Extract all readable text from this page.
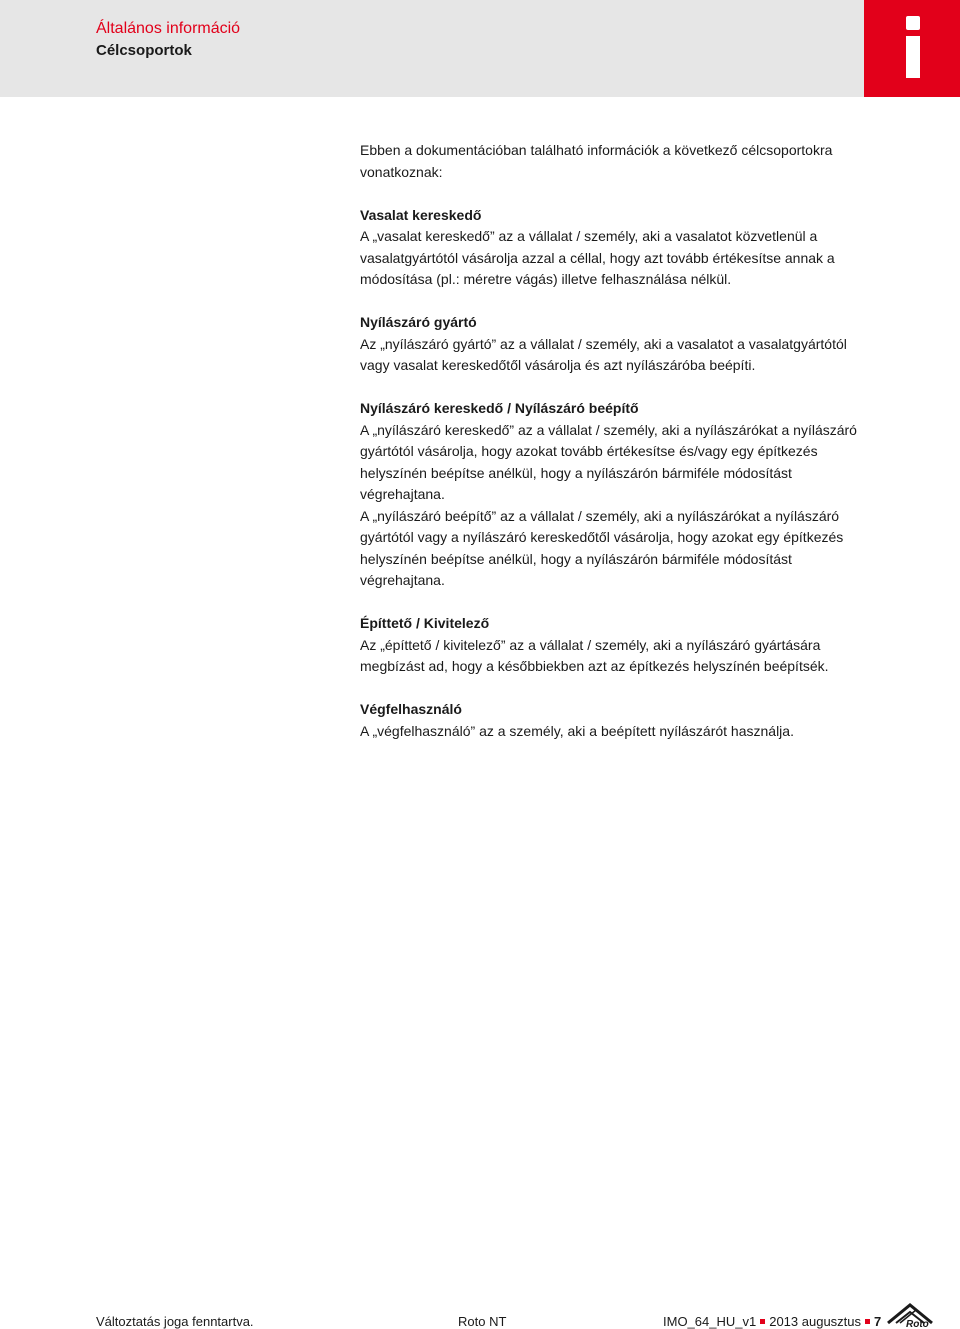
Általános információ
Célcsoportok

Ebben a dokumentációban található információk a következő célcsoportokra vonatkoznak:

Vasalat kereskedő

A „vasalat kereskedő” az a vállalat / személy, aki a vasalatot közvetlenül a vasalatgyártótól vásárolja azzal a céllal, hogy azt tovább értékesítse annak a módosítása (pl.: méretre vágás) illetve felhasználása nélkül.

Nyílászáró gyártó

Az „nyílászáró gyártó” az a vállalat / személy, aki a vasalatot a vasalatgyártótól vagy vasalat kereskedőtől vásárolja és azt nyílászáróba beépíti.

Nyílászáró kereskedő / Nyílászáró beépítő

A „nyílászáró kereskedő” az a vállalat / személy, aki a nyílászárókat a nyílászáró gyártótól vásárolja, hogy azokat tovább értékesítse és/vagy egy építkezés helyszínén beépítse anélkül, hogy a nyílászárón bármiféle módosítást végrehajtana.

A „nyílászáró beépítő” az a vállalat / személy, aki a nyílászárókat a nyílászáró gyártótól vagy a nyílászáró kereskedőtől vásárolja, hogy azokat egy építkezés helyszínén beépítse anélkül, hogy a nyílászárón bármiféle módosítást végrehajtana.

Építtető / Kivitelező

Az „építtető / kivitelező” az a vállalat / személy, aki a nyílászáró gyártására megbízást ad, hogy a későbbiekben azt az építkezés helyszínén beépítsék.

Végfelhasználó

A „végfelhasználó” az a személy, aki a beépített nyílászárót használja.

Változtatás joga fenntartva.	Roto NT	IMO_64_HU_v1 2013 augusztus 7 Roto
